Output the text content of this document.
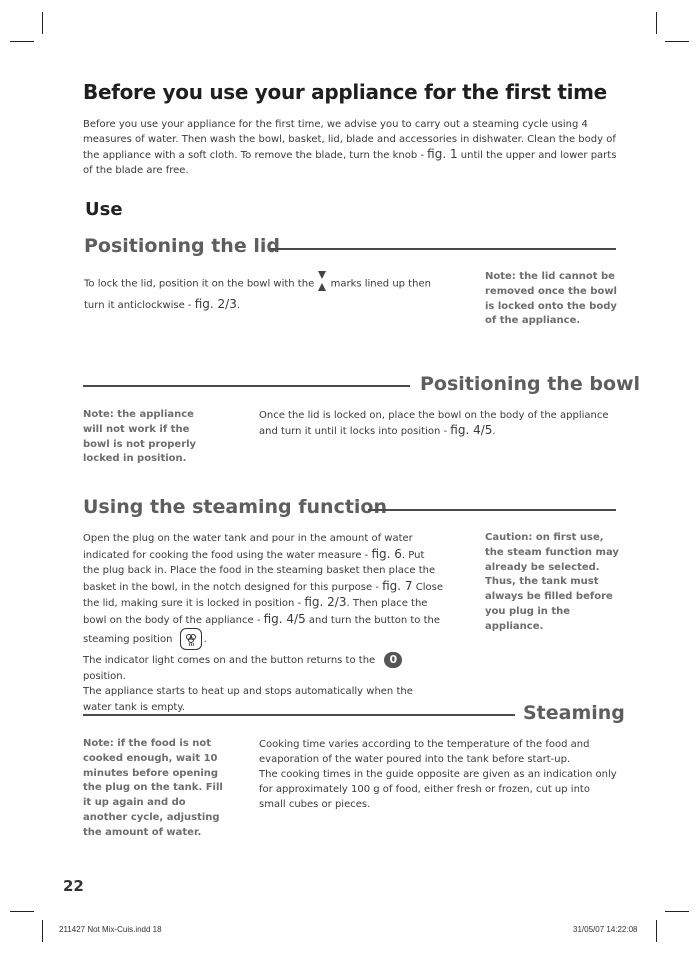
Before you use your appliance for the first time

Before you use your appliance for the first time, we advise you to carry out a steaming cycle using 4 measures of water. Then wash the bowl, basket, lid, blade and accessories in dishwater. Clean the body of the appliance with a soft cloth. To remove the blade, turn the knob - fig. 1 until the upper and lower parts of the blade are free.

Use
Positioning the lid

To lock the lid, position it on the bowl with the  marks lined up then turn it anticlockwise - fig. 2/3.

Note: the lid cannot be removed once the bowl is locked onto the body of the appliance.

Positioning the bowl

Note: the appliance will not work if the bowl is not properly locked in position.

Once the lid is locked on, place the bowl on the body of the appliance and turn it until it locks into position - fig. 4/5.

Using the steaming function

Open the plug on the water tank and pour in the amount of water indicated for cooking the food using the water measure - fig. 6. Put the plug back in. Place the food in the steaming basket then place the basket in the bowl, in the notch designed for this purpose - fig. 7 Close the lid, making sure it is locked in position - fig. 2/3. Then place the bowl on the body of the appliance - fig. 4/5 and turn the button to the steaming position	.
The indicator light comes on and the button returns to the 0 position.
The appliance starts to heat up and stops automatically when the water tank is empty.

Caution: on first use, the steam function may already be selected. Thus, the tank must always be filled before you plug in the appliance.

Steaming

Note: if the food is not cooked enough, wait 10 minutes before opening the plug on the tank. Fill it up again and do another cycle, adjusting the amount of water.

Cooking time varies according to the temperature of the food and evaporation of the water poured into the tank before start-up.
The cooking times in the guide opposite are given as an indication only for approximately 100 g of food, either fresh or frozen, cut up into small cubes or pieces.

22
211427 Not Mix-Cuis.indd 18	31/05/07 14:22:08
